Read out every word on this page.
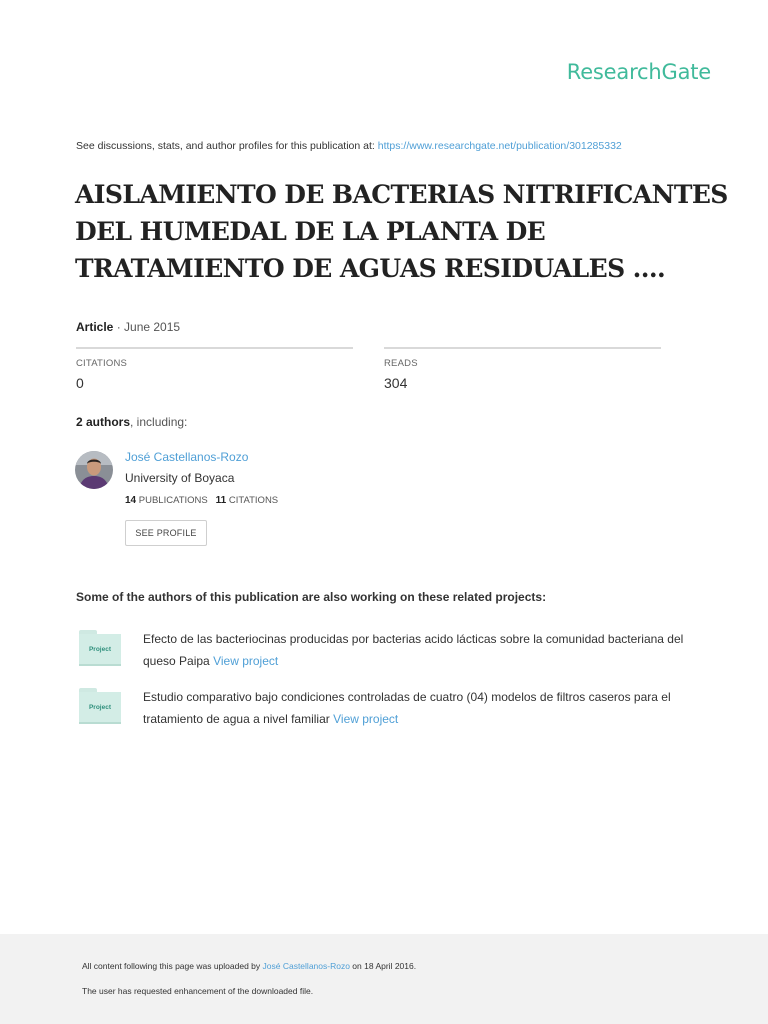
ResearchGate
See discussions, stats, and author profiles for this publication at: https://www.researchgate.net/publication/301285332
AISLAMIENTO DE BACTERIAS NITRIFICANTES
DEL HUMEDAL DE LA PLANTA DE
TRATAMIENTO DE AGUAS RESIDUALES ….
Article · June 2015
CITATIONS
0
READS
304
2 authors, including:
José Castellanos-Rozo
University of Boyaca
14 PUBLICATIONS 11 CITATIONS
SEE PROFILE
Some of the authors of this publication are also working on these related projects:
Project
Efecto de las bacteriocinas producidas por bacterias acido lácticas sobre la comunidad bacteriana del queso Paipa View project
Project
Estudio comparativo bajo condiciones controladas de cuatro (04) modelos de filtros caseros para el tratamiento de agua a nivel familiar View project
All content following this page was uploaded by José Castellanos-Rozo on 18 April 2016.
The user has requested enhancement of the downloaded file.
